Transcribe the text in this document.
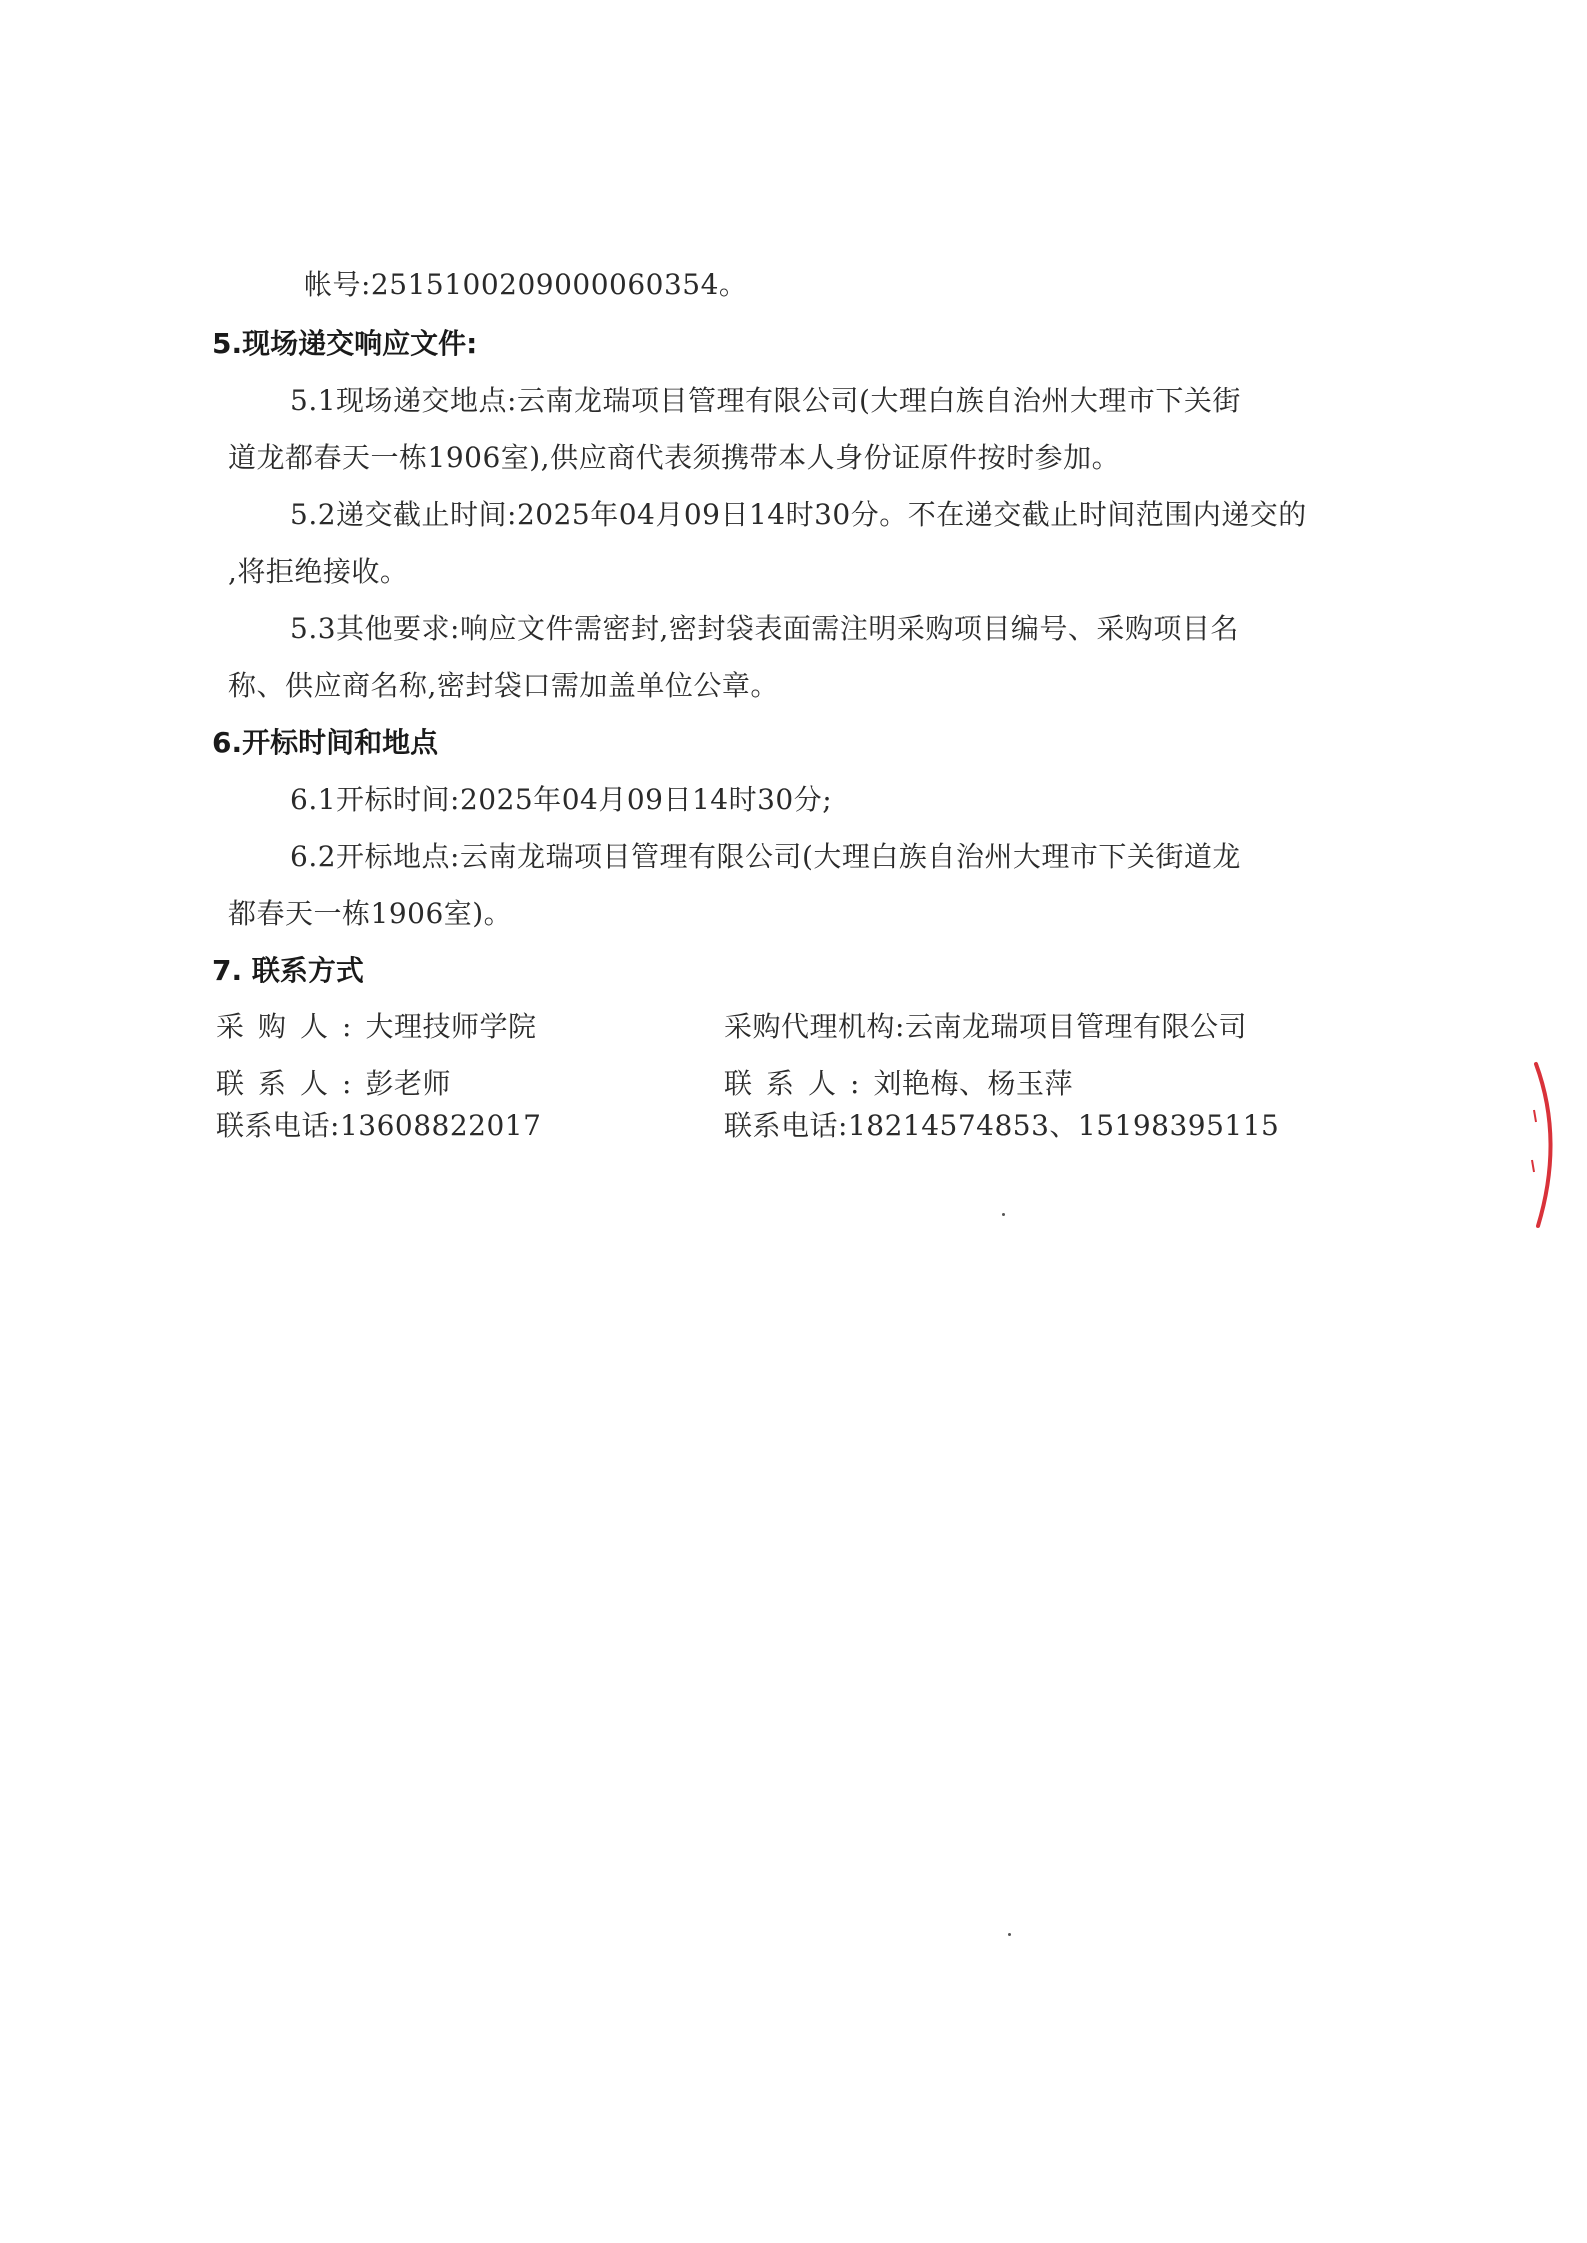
帐号:2515100209000060354。
5.现场递交响应文件:
5.1现场递交地点:云南龙瑞项目管理有限公司(大理白族自治州大理市下关街
道龙都春天一栋1906室),供应商代表须携带本人身份证原件按时参加。
5.2递交截止时间:2025年04月09日14时30分。不在递交截止时间范围内递交的
,将拒绝接收。
5.3其他要求:响应文件需密封,密封袋表面需注明采购项目编号、采购项目名
称、供应商名称,密封袋口需加盖单位公章。
6.开标时间和地点
6.1开标时间:2025年04月09日14时30分;
6.2开标地点:云南龙瑞项目管理有限公司(大理白族自治州大理市下关街道龙
都春天一栋1906室)。
7. 联系方式
采购人:大理技师学院
联系人:彭老师
联系电话:13608822017
采购代理机构:云南龙瑞项目管理有限公司
联系人:刘艳梅、杨玉萍
联系电话:18214574853、15198395115
